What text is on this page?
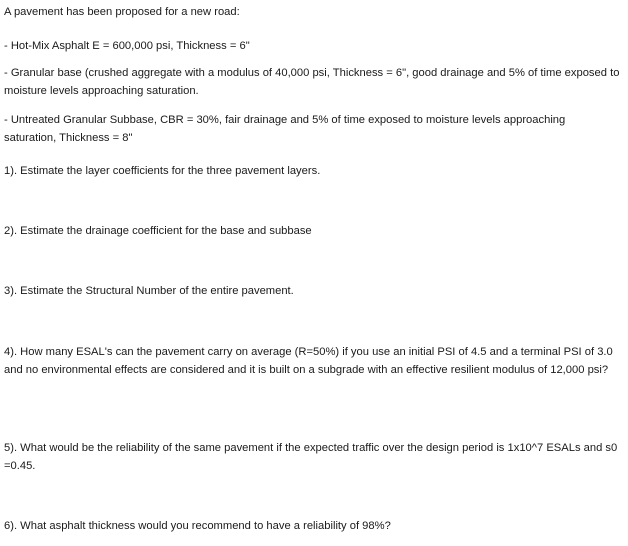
A pavement has been proposed for a new road:

- Hot-Mix Asphalt E = 600,000 psi, Thickness = 6"

- Granular base (crushed aggregate with a modulus of 40,000 psi, Thickness = 6", good drainage and 5% of time exposed to moisture levels approaching saturation.

- Untreated Granular Subbase, CBR = 30%, fair drainage and 5% of time exposed to moisture levels approaching saturation, Thickness = 8"

1). Estimate the layer coefficients for the three pavement layers.

2). Estimate the drainage coefficient for the base and subbase

3). Estimate the Structural Number of the entire pavement.

4). How many ESAL's can the pavement carry on average (R=50%) if you use an initial PSI of 4.5 and a terminal PSI of 3.0 and no environmental effects are considered and it is built on a subgrade with an effective resilient modulus of 12,000 psi?

5). What would be the reliability of the same pavement if the expected traffic over the design period is 1x10^7 ESALs and s0 =0.45.

6). What asphalt thickness would you recommend to have a reliability of 98%?
